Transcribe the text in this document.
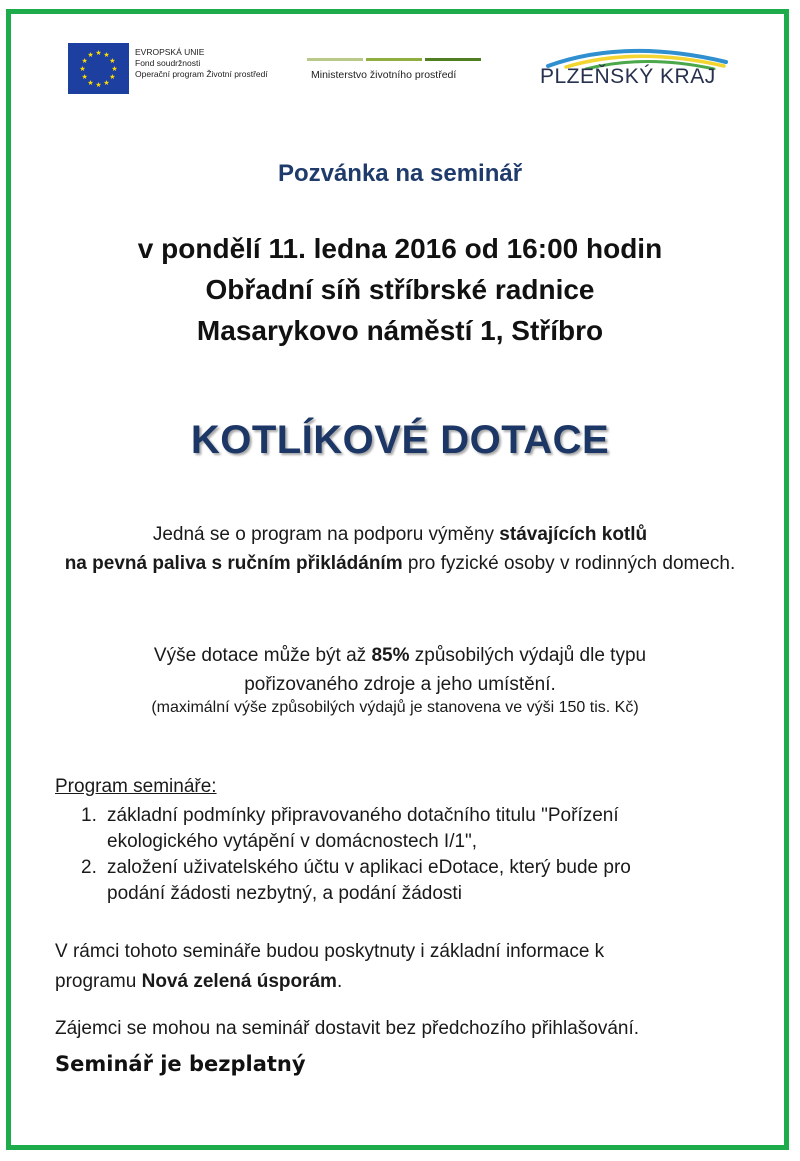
★ ★
★
★
★
★
★
★
★
★
★
★	EVROPSKÁ UNIE
Fond soudržnosti
Operační program Životní prostředí	Ministerstvo životního prostředí	PLZEŇSKÝ KRAJ
Pozvánka na seminář
v pondělí 11. ledna 2016 od 16:00 hodin
Obřadní síň stříbrské radnice
Masarykovo náměstí 1, Stříbro
KOTLÍKOVÉ DOTACE
Jedná se o program na podporu výměny stávajících kotlů
na pevná paliva s ručním přikládáním pro fyzické osoby v rodinných domech.
Výše dotace může být až 85% způsobilých výdajů dle typu
pořizovaného zdroje a jeho umístění.
(maximální výše způsobilých výdajů je stanovena ve výši 150 tis. Kč)
Program semináře:
1. základní podmínky připravovaného dotačního titulu "Pořízení
ekologického vytápění v domácnostech I/1",
2. založení uživatelského účtu v aplikaci eDotace, který bude pro
podání žádosti nezbytný, a podání žádosti
V rámci tohoto semináře budou poskytnuty i základní informace k
programu Nová zelená úsporám.
Zájemci se mohou na seminář dostavit bez předchozího přihlašování.
Seminář je bezplatný
